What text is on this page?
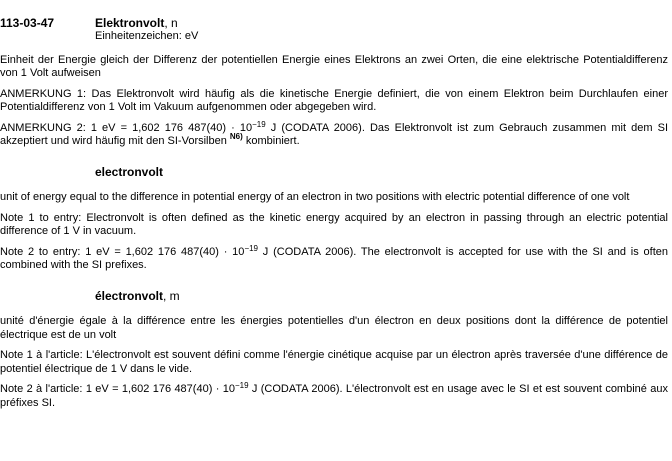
113-03-47	Elektronvolt, n
Einheitenzeichen: eV

Einheit der Energie gleich der Differenz der potentiellen Energie eines Elektrons an zwei Orten, die eine elektrische Potentialdifferenz von 1 Volt aufweisen

ANMERKUNG 1: Das Elektronvolt wird häufig als die kinetische Energie definiert, die von einem Elektron beim Durchlaufen einer Potentialdifferenz von 1 Volt im Vakuum aufgenommen oder abgegeben wird.

ANMERKUNG 2: 1 eV = 1,602 176 $487(40) \cdot 10^{-19}$ J (CODATA 2006). Das Elektronvolt ist zum Gebrauch zusammen mit dem SI akzeptiert und wird häufig mit den SI-Vorsilben $^{N6)}$ kombiniert.

electronvolt

unit of energy equal to the difference in potential energy of an electron in two positions with electric potential difference of one volt

Note 1 to entry: Electronvolt is often defined as the kinetic energy acquired by an electron in passing through an electric potential difference of 1 V in vacuum.

Note 2 to entry: 1 eV = 1,602 176 $487(40) \cdot 10^{-19}$ J (CODATA 2006). The electronvolt is accepted for use with the SI and is often combined with the SI prefixes.

électronvolt, m

unité d'énergie égale à la différence entre les énergies potentielles d'un électron en deux positions dont la différence de potentiel électrique est de un volt

Note 1 à l'article: L'électronvolt est souvent défini comme l'énergie cinétique acquise par un électron après traversée d'une différence de potentiel électrique de 1 V dans le vide.

Note 2 à l'article: 1 eV = 1,602 176 $487(40) \cdot 10^{-19}$ J (CODATA 2006). L'électronvolt est en usage avec le SI et est souvent combiné aux préfixes SI.
